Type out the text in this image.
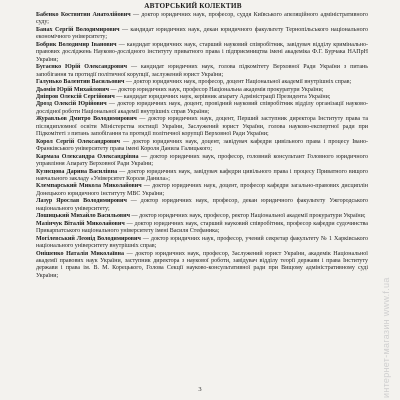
АВТОРСЬКИЙ КОЛЕКТИВ

Бабенко Костянтин Анатолійович — доктор юридичних наук, професор, суддя Київського апеляційного адміністративного суду;

Банах Сергій Володимирович — кандидат юридичних наук, декан юридичного факультету Тернопільського національного економічного університету;

Бобрик Володимир Іванович — кандидат юридичних наук, старший науковий співробітник, завідувач відділу кримінально-правових досліджень Науково-дослідного інституту приватного права і підприємництва імені академіка Ф.Г. Бурчака НАПрН України;

Бугаєнко Юрій Олександрович — кандидат юридичних наук, голова підкомітету Верховної Ради України з питань запобігання та протидії політичної корупції, заслужений юрист України;

Галунько Валентин Васильович — доктор юридичних наук, професор, доцент Національної академії внутрішніх справ;

Дьомін Юрій Михайлович — доктор юридичних наук, професор Національна академія прокуратури України;

Дніпров Олексій Сергійович — кандидат юридичних наук, керівник апарату Адміністрації Президента України;

Дрозд Олексій Юрійович — доктор юридичних наук, доцент, провідний науковий співробітник відділу організації науково-дослідної роботи Національної академії внутрішніх справ України;

Журавльов Дмитро Володимирович — доктор юридичних наук, доцент, Перший заступник директора Інституту права та післядипломної освіти Міністерства юстиції України, Заслужений юрист України, голова науково-експертної ради при Підкомітеті з питань запобігання та протидії політичної корупції Верховної Ради України;

Корол Сергій Олександрович — доктор юридичних наук, доцент, завідувач кафедри цивільного права і процесу Івано-Франківського університету права імені Короля Данила Галицького;

Кармаза Олександра Олександрівна — доктор юридичних наук, професор, головний консультант Головного юридичного управління Апарату Верховної Ради України;

Кузнєцова Дарина Василівна — доктор юридичних наук, завідувач кафедри цивільного права і процесу Приватного вищого навчального закладу «Університет Короля Данила»;

Клемпарський Микола Миколайович — доктор юридичних наук, доцент, професор кафедри загально-правових дисциплін Донецького юридичного інституту МВС України;

Лазур Ярослав Володимирович — доктор юридичних наук, професор, декан юридичного факультету Ужгородського національного університету;

Лошицький Михайло Васильович — доктор юридичних наук, професор, ректор Національної академії прокуратури України;

Мазінчук Віталій Миколайович — доктор юридичних наук, старший науковий співробітник, професор кафедри судочинства Прикарпатського національного університету імені Василя Стефаника;

Могілевський Леонід Володимирович — доктор юридичних наук, професор, учений секретар факультету № 1 Харківського національного університету внутрішніх справ;

Онішенко Наталія Миколаївна — доктор юридичних наук, професор, Заслужений юрист України, академік Національної академії правових наук України, заступник директора з наукової роботи, завідувач відділу теорії держави і права Інституту держави і права ім. В. М. Корецького, Голова Секції науково-консультативної ради при Вищому адміністративному суді України;

3	интернет-магазин www.f.ua
